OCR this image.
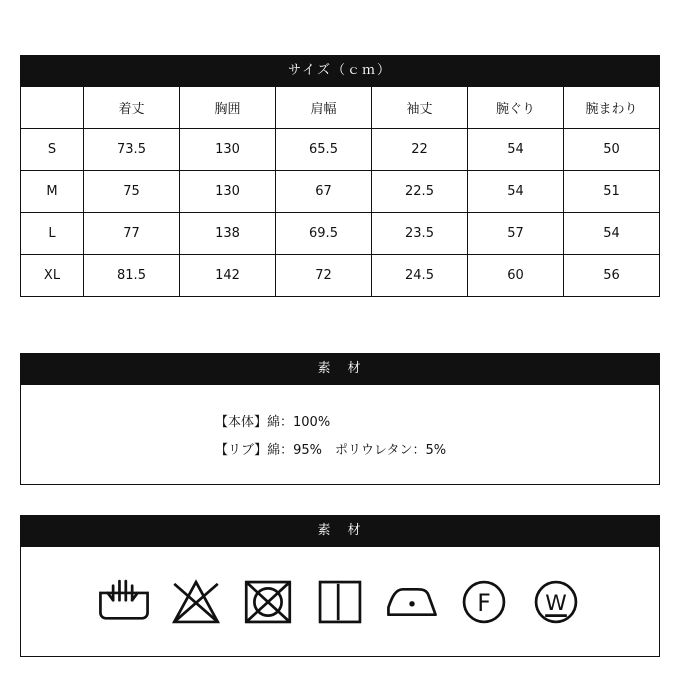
サイズ（ｃｍ）
	着丈	胸囲	肩幅	袖丈	腕ぐり	腕まわり
S	73.5	130	65.5	22	54	50
M	75	130	67	22.5	54	51
L	77	138	69.5	23.5	57	54
XL	81.5	142	72	24.5	60	56
素　材
【本体】綿：100%
【リブ】綿：95%　ポリウレタン：5%
素　材
F W
